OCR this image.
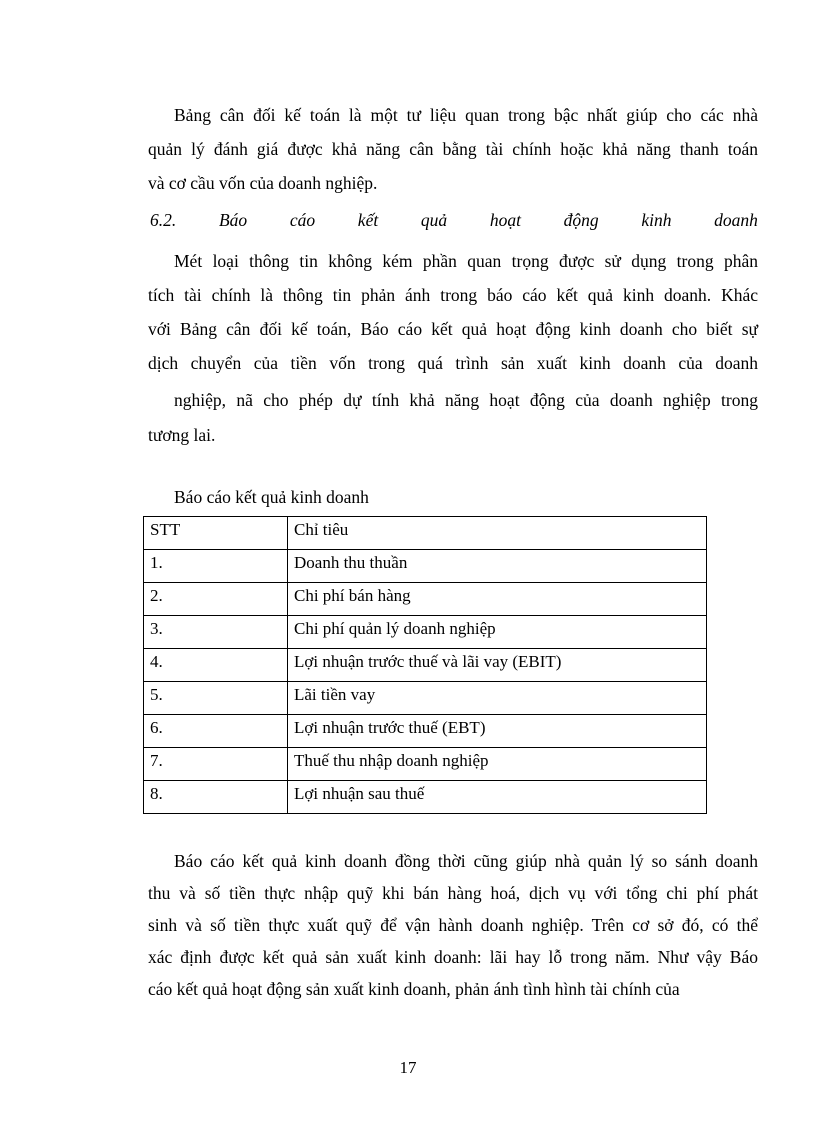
Bảng cân đối kế toán là một tư liệu quan trong bậc nhất giúp cho các nhà
quản lý đánh giá được khả năng cân bằng tài chính hoặc khả năng thanh toán
và cơ cầu vốn của doanh nghiệp.
6.2. Báo cáo kết quả hoạt động kinh doanh
Mét loại thông tin không kém phần quan trọng được sử dụng trong phân
tích tài chính là thông tin phản ánh trong báo cáo kết quả kinh doanh. Khác
với Bảng cân đối kế toán, Báo cáo kết quả hoạt động kinh doanh cho biết sự
dịch chuyển của tiền vốn trong quá trình sản xuất kinh doanh của doanh
nghiệp, nã cho phép dự tính khả năng hoạt động của doanh nghiệp trong
tương lai.
Báo cáo kết quả kinh doanh
STT	Chỉ tiêu
1.	Doanh thu thuần
2.	Chi phí bán hàng
3.	Chi phí quản lý doanh nghiệp
4.	Lợi nhuận trước thuế và lãi vay (EBIT)
5.	Lãi tiền vay
6.	Lợi nhuận trước thuế (EBT)
7.	Thuế thu nhập doanh nghiệp
8.	Lợi nhuận sau thuế
Báo cáo kết quả kinh doanh đồng thời cũng giúp nhà quản lý so sánh doanh
thu và số tiền thực nhập quỹ khi bán hàng hoá, dịch vụ với tổng chi phí phát
sinh và số tiền thực xuất quỹ để vận hành doanh nghiệp. Trên cơ sở đó, có thể
xác định được kết quả sản xuất kinh doanh: lãi hay lỗ trong năm. Như vậy Báo
cáo kết quả hoạt động sản xuất kinh doanh, phản ánh tình hình tài chính của
17
